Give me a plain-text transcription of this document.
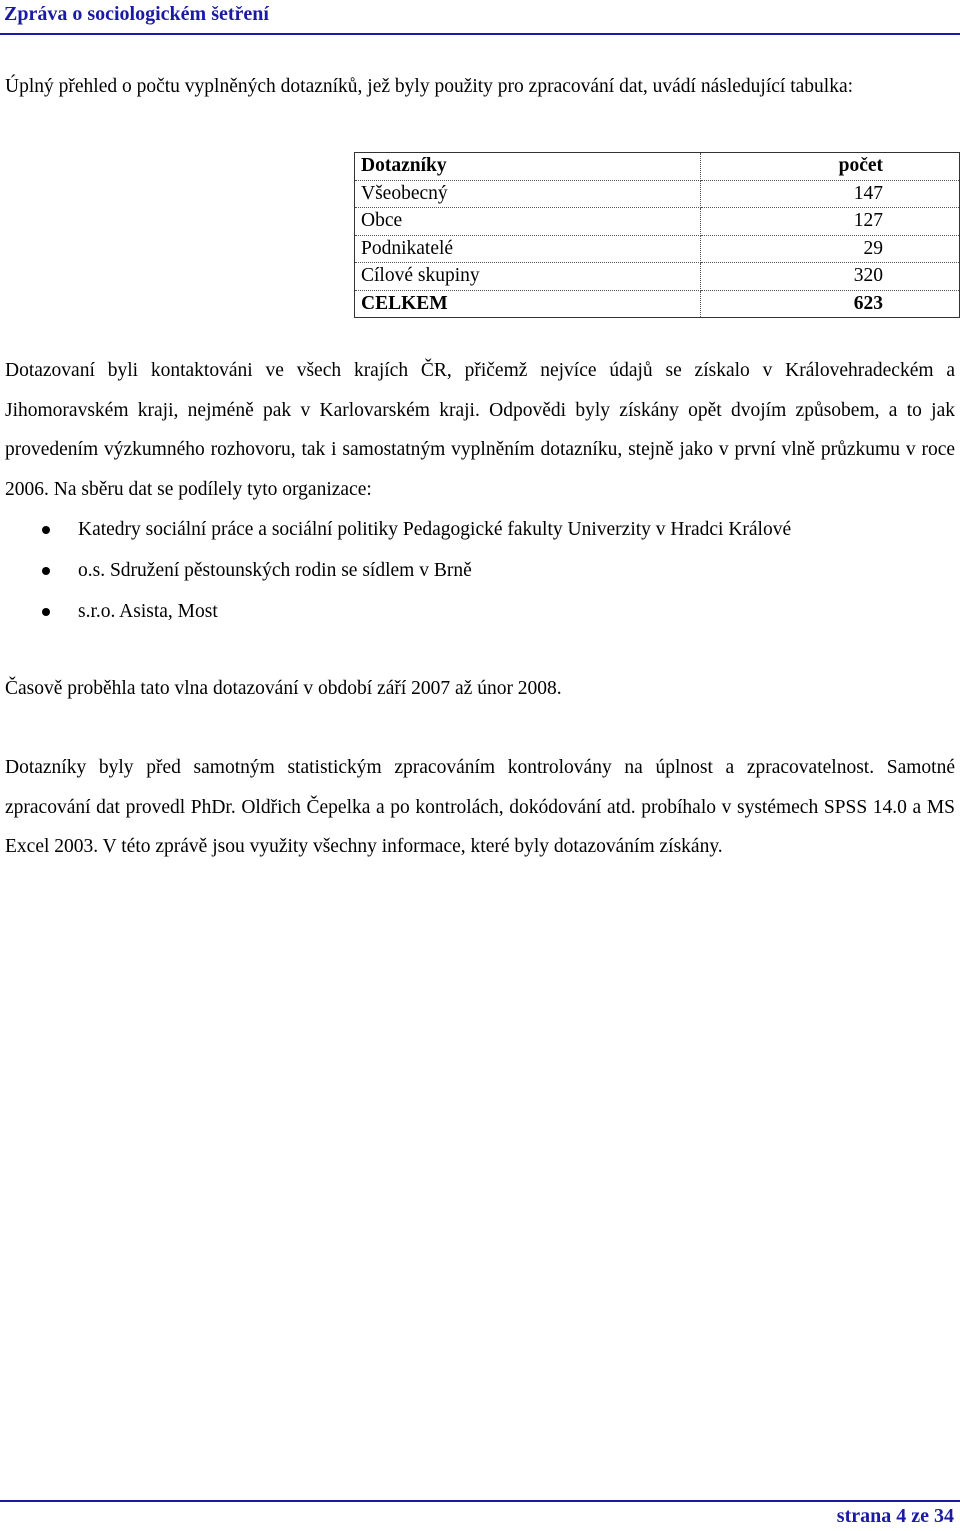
Zpráva o sociologickém šetření

Úplný přehled o počtu vyplněných dotazníků, jež byly použity pro zpracování dat, uvádí následující tabulka:

Dotazníky	počet
Všeobecný	147
Obce	127
Podnikatelé	29
Cílové skupiny	320
CELKEM	623

Dotazovaní byli kontaktováni ve všech krajích ČR, přičemž nejvíce údajů se získalo v Královehradeckém a Jihomoravském kraji, nejméně pak v Karlovarském kraji. Odpovědi byly získány opět dvojím způsobem, a to jak provedením výzkumného rozhovoru, tak i samostatným vyplněním dotazníku, stejně jako v první vlně průzkumu v roce 2006. Na sběru dat se podílely tyto organizace:

Katedry sociální práce a sociální politiky Pedagogické fakulty Univerzity v Hradci Králové
o.s. Sdružení pěstounských rodin se sídlem v Brně
s.r.o. Asista, Most

Časově proběhla tato vlna dotazování v období září 2007 až únor 2008.

Dotazníky byly před samotným statistickým zpracováním kontrolovány na úplnost a zpracovatelnost. Samotné zpracování dat provedl PhDr. Oldřich Čepelka a po kontrolách, dokódování atd. probíhalo v systémech SPSS 14.0 a MS Excel 2003. V této zprávě jsou využity všechny informace, které byly dotazováním získány.

strana 4 ze 34
